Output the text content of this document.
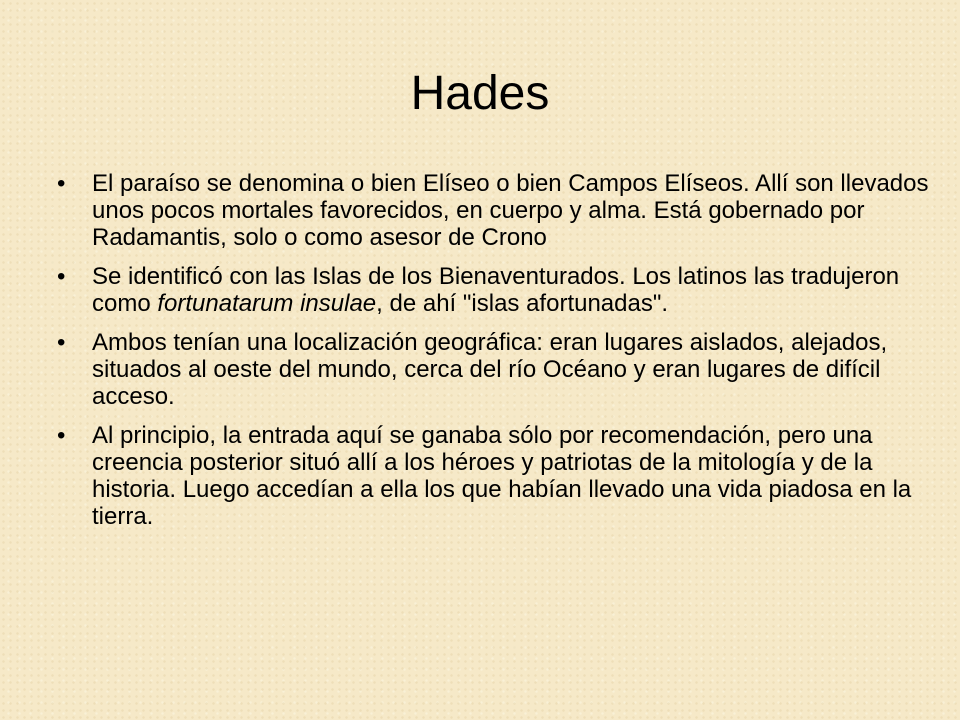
Hades
• El paraíso se denomina o bien Elíseo o bien Campos Elíseos. Allí son llevados unos pocos mortales favorecidos, en cuerpo y alma. Está gobernado por Radamantis, solo o como asesor de Crono
• Se identificó con las Islas de los Bienaventurados. Los latinos las tradujeron como fortunatarum insulae, de ahí "islas afortunadas".
• Ambos tenían una localización geográfica: eran lugares aislados, alejados, situados al oeste del mundo, cerca del río Océano y eran lugares de difícil acceso.
• Al principio, la entrada aquí se ganaba sólo por recomendación, pero una creencia posterior situó allí a los héroes y patriotas de la mitología y de la historia. Luego accedían a ella los que habían llevado una vida piadosa en la tierra.
